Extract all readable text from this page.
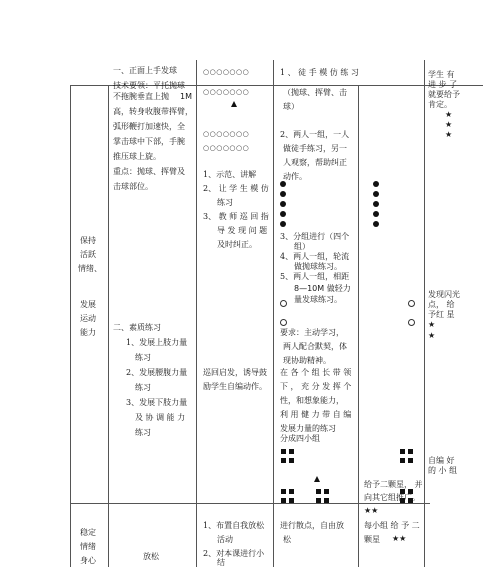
保持
活跃
情绪、
发展
运动
能力
稳定
情绪
身心
一、正面上手发球
技术要领：平托抛球
不拖腕垂直上抛 1M
高，转身收腹带挥臂，
弧形鞭打加速快，全
掌击球中下部，手腕
推压球上旋。
重点：抛球、挥臂及
击球部位。
二、素质练习
1、发展上肢力量
练习
2、发展腰腹力量
练习
3、发展下肢力量
及 协 调 能 力
练习
放松
○○○○○○○
○○○○○○○
○○○○○○○
○○○○○○○
1、示范、讲解
2、 让 学 生 模 仿
练习
3、 教 师 巡 回 指
导 发 现 问 题
及时纠正。
巡回启发，诱导鼓
励学生自编动作。
1、布置自我放松
活动
2、对本课进行小
结
1 、 徒 手 模 仿 练 习
（抛球、挥臂、击
球）
2、两人一组，一人
做徒手练习，另一
人观察，帮助纠正
动作。
3、分组进行（四个
组）
4、两人一组，轮流
做抛球练习。
5、两人一组，相距
8—10M 做轻力
量发球练习。
要求：主动学习，
两人配合默契，体
现协助精神。
在 各 个 组 长 带 领
下 ， 充 分 发 挥 个
性，和想象能力，
利 用 健 力 带 自 编
发展力量的练习
分成四小组
给予二颗星， 并
向其它组推广。
★★
进行散点，自由放
松
每小组 给 予 二
颗星 ★★
学生 有
进 步 了
就要给予
肯定。
★
★
★
发现闪光
点， 给
予红 星
★
★
自编 好
的 小 组
